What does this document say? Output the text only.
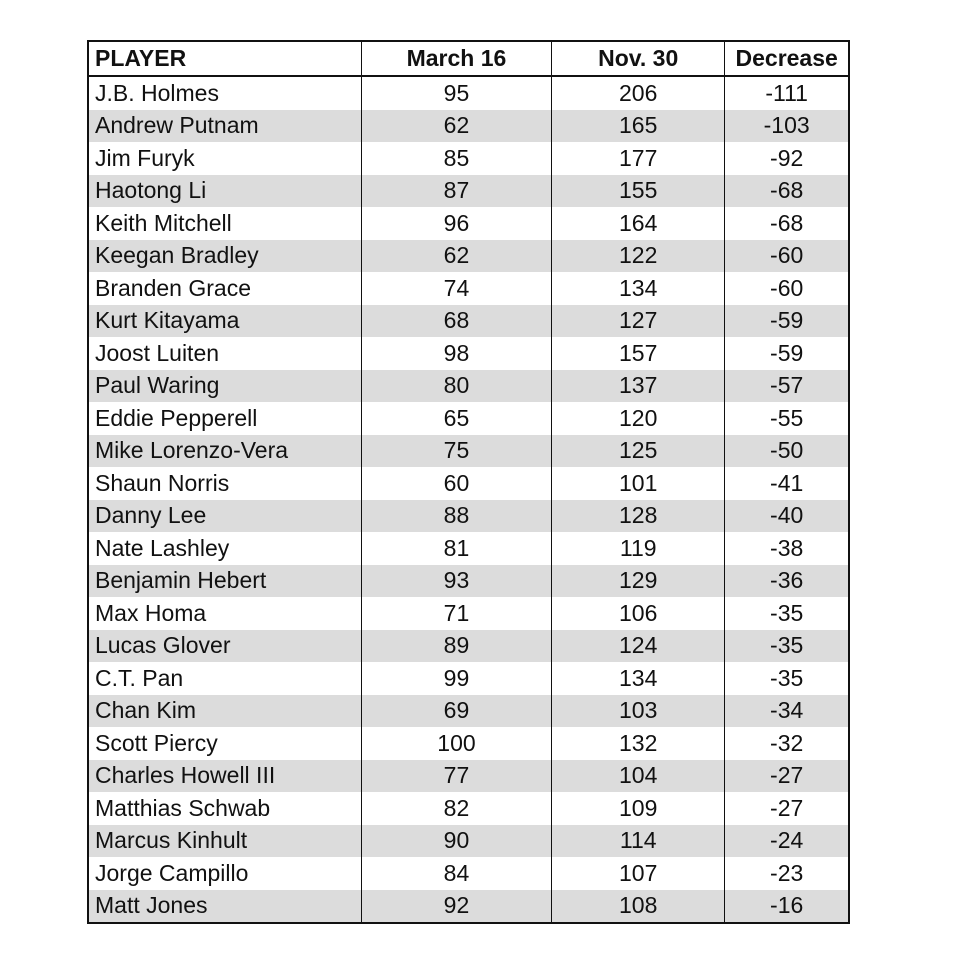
PLAYER	March 16	Nov. 30	Decrease
J.B. Holmes	95	206	-111
Andrew Putnam	62	165	-103
Jim Furyk	85	177	-92
Haotong Li	87	155	-68
Keith Mitchell	96	164	-68
Keegan Bradley	62	122	-60
Branden Grace	74	134	-60
Kurt Kitayama	68	127	-59
Joost Luiten	98	157	-59
Paul Waring	80	137	-57
Eddie Pepperell	65	120	-55
Mike Lorenzo-Vera	75	125	-50
Shaun Norris	60	101	-41
Danny Lee	88	128	-40
Nate Lashley	81	119	-38
Benjamin Hebert	93	129	-36
Max Homa	71	106	-35
Lucas Glover	89	124	-35
C.T. Pan	99	134	-35
Chan Kim	69	103	-34
Scott Piercy	100	132	-32
Charles Howell III	77	104	-27
Matthias Schwab	82	109	-27
Marcus Kinhult	90	114	-24
Jorge Campillo	84	107	-23
Matt Jones	92	108	-16
